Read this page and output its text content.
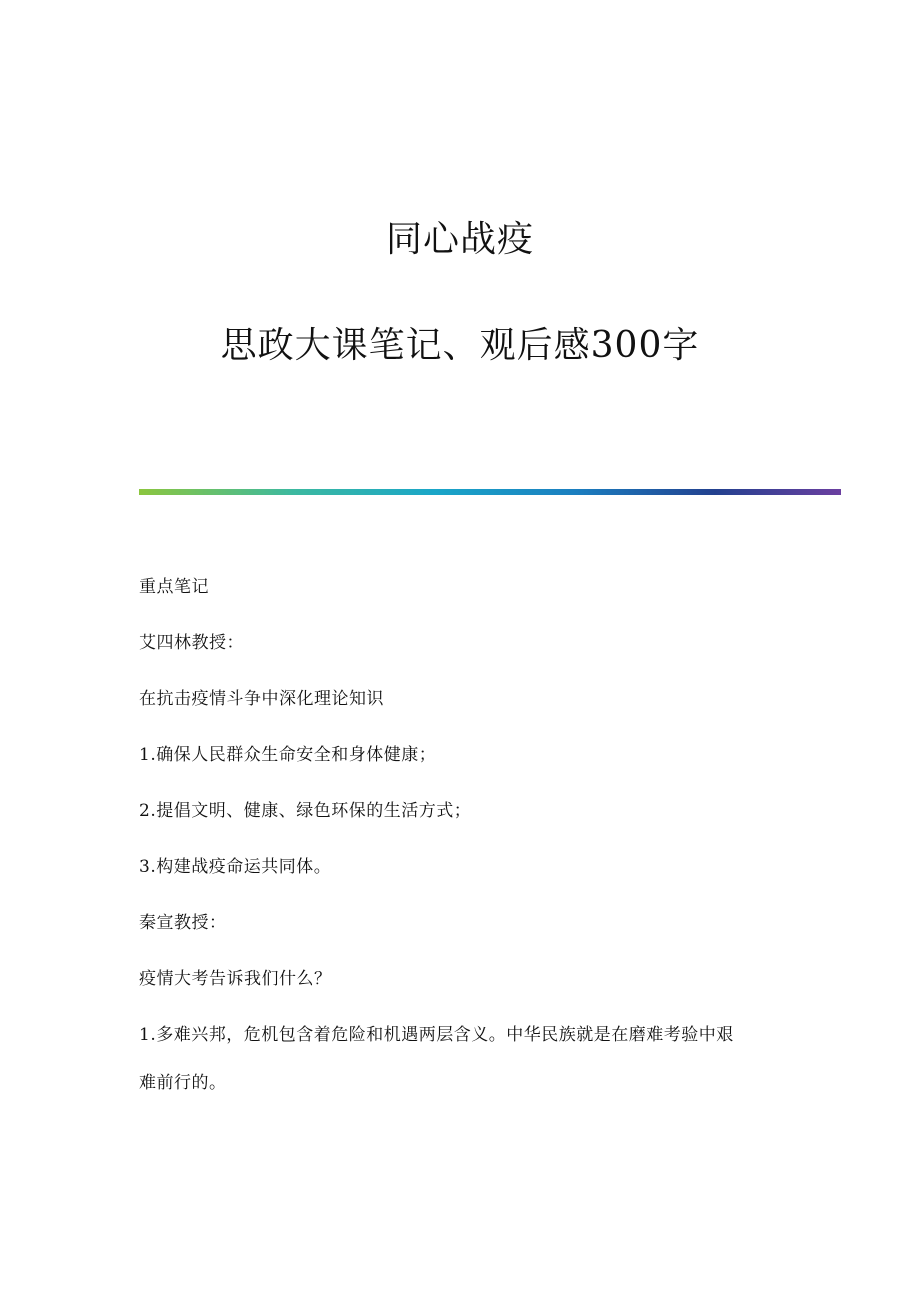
同心战疫
思政大课笔记、观后感300字

重点笔记

艾四林教授：

在抗击疫情斗争中深化理论知识

1.确保人民群众生命安全和身体健康；

2.提倡文明、健康、绿色环保的生活方式；

3.构建战疫命运共同体。

秦宣教授：

疫情大考告诉我们什么？

1.多难兴邦，危机包含着危险和机遇两层含义。中华民族就是在磨难考验中艰

难前行的。
